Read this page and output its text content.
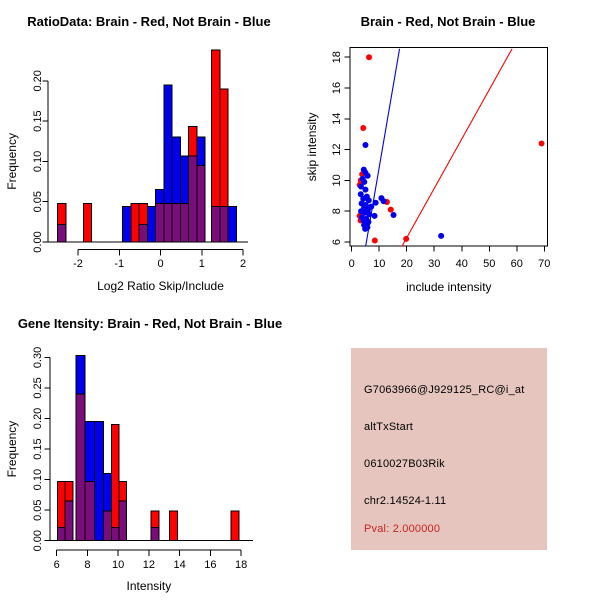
RatioData: Brain - Red, Not Brain - Blue
0.00
0.05
0.10
0.15
0.20
Frequency
-2	-1	0	1	2
Log2 Ratio Skip/Include
Brain - Red, Not Brain - Blue
0 10 20 30 40 50 60 70
include intensity
6
8
10
12
14
16
18
skip intensity
Gene Itensity: Brain - Red, Not Brain - Blue
0.00
0.05
0.10
0.15
0.20
0.25
0.30
Frequency
6 8 10 12 14 16 18
Intensity
G7063966@J929125_RC@i_at
altTxStart
0610027B03Rik
chr2.14524-1.11
Pval: 2.000000
